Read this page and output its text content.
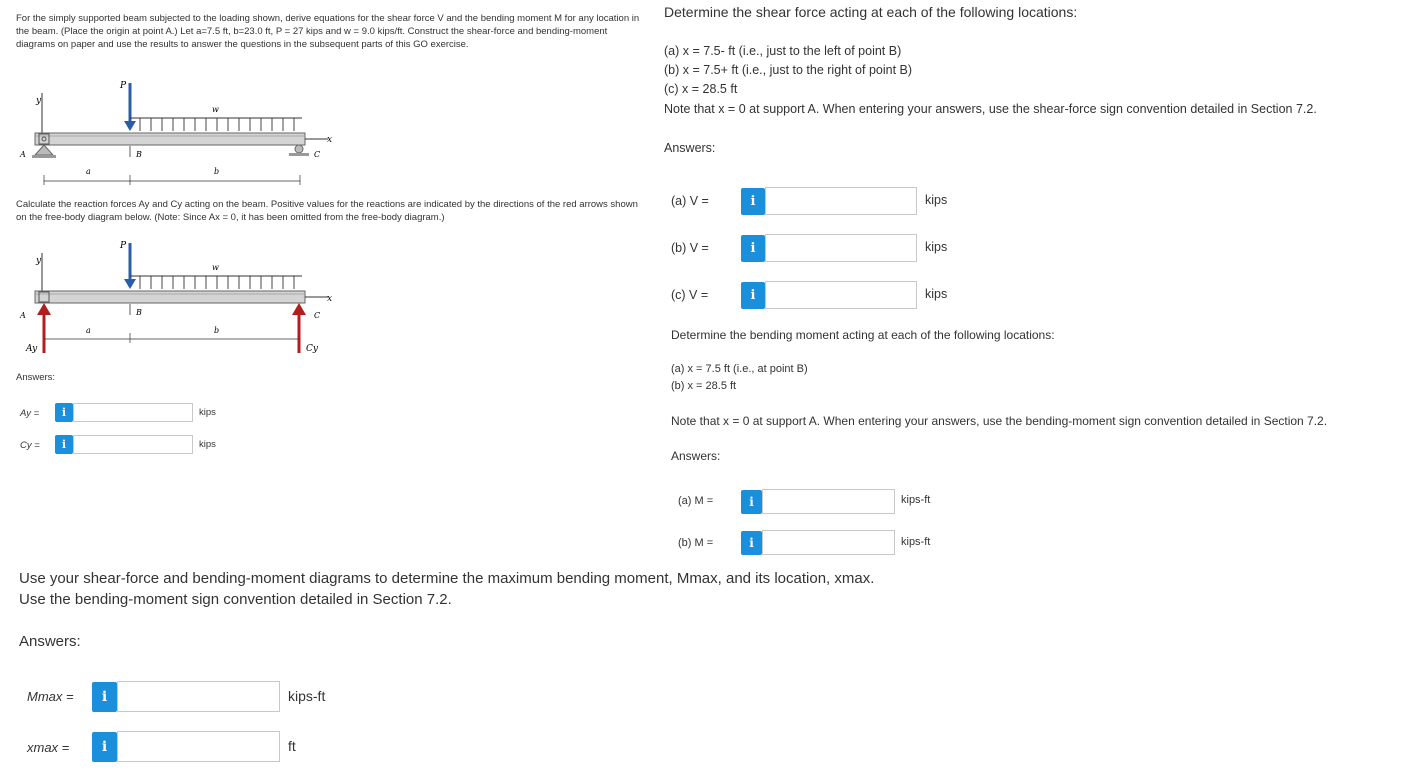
For the simply supported beam subjected to the loading shown, derive equations for the shear force V and the bending moment M for any location in the beam. (Place the origin at point A.) Let a=7.5 ft, b=23.0 ft, P = 27 kips and w = 9.0 kips/ft. Construct the shear-force and bending-moment diagrams on paper and use the results to answer the questions in the subsequent parts of this GO exercise.
y
x
P
w
A	B	C
a	b
Calculate the reaction forces Ay and Cy acting on the beam. Positive values for the reactions are indicated by the directions of the red arrows shown on the free-body diagram below. (Note: Since Ax = 0, it has been omitted from the free-body diagram.)
y
x
P
w
A	B	C
a	b
Ay	Cy
Answers:
Ay =	i	kips
Cy =	i	kips
Determine the shear force acting at each of the following locations:
(a) x = 7.5- ft (i.e., just to the left of point B)
(b) x = 7.5+ ft (i.e., just to the right of point B)
(c) x = 28.5 ft
Note that x = 0 at support A. When entering your answers, use the shear-force sign convention detailed in Section 7.2.
Answers:
(a) V =	i	kips
(b) V =	i	kips
(c) V =	i	kips
Determine the bending moment acting at each of the following locations:
(a) x = 7.5 ft (i.e., at point B)
(b) x = 28.5 ft
Note that x = 0 at support A. When entering your answers, use the bending-moment sign convention detailed in Section 7.2.
Answers:
(a) M =	i	kips-ft
(b) M =	i	kips-ft
Use your shear-force and bending-moment diagrams to determine the maximum bending moment, Mmax, and its location, xmax.
Use the bending-moment sign convention detailed in Section 7.2.
Answers:
Mmax =	i	kips-ft
xmax =	i	ft
